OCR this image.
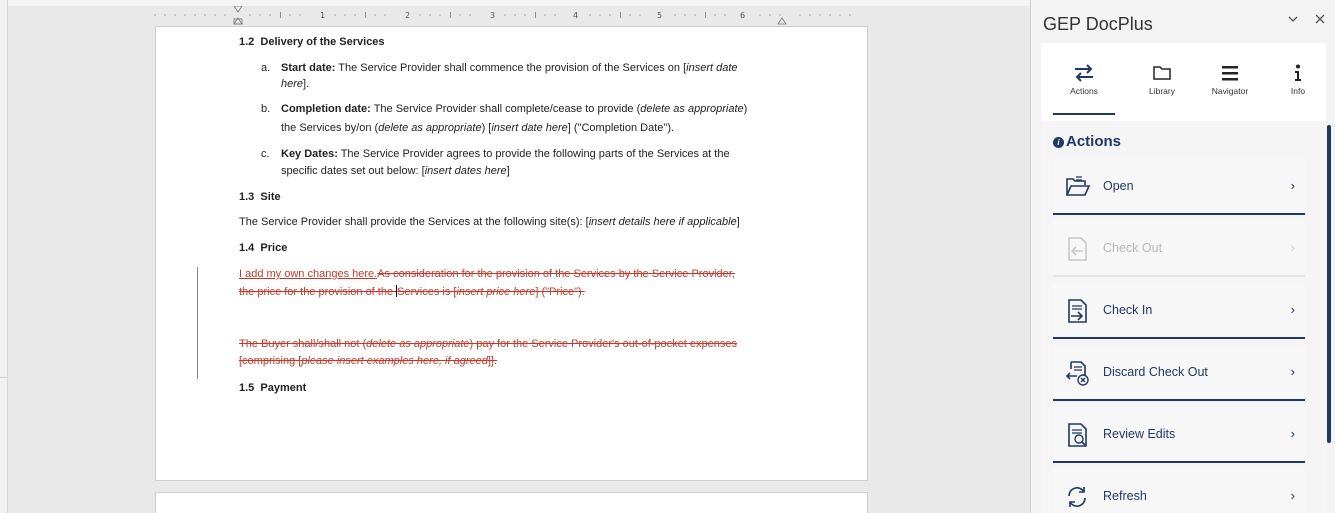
1	2	3	4	5	6
1.2 Delivery of the Services
a. Start date: The Service Provider shall commence the provision of the Services on [insert date
here].
b. Completion date: The Service Provider shall complete/cease to provide (delete as appropriate)
the Services by/on (delete as appropriate) [insert date here] ("Completion Date").
c. Key Dates: The Service Provider agrees to provide the following parts of the Services at the
specific dates set out below: [insert dates here]
1.3 Site
The Service Provider shall provide the Services at the following site(s): [insert details here if applicable]
1.4 Price
I add my own changes here.As consideration for the provision of the Services by the Service Provider,
the price for the provision of the Services is [insert price here] ("Price").
The Buyer shall/shall not (delete as appropriate) pay for the Service Provider's out-of-pocket expenses
[comprising [please insert examples here, if agreed]].
1.5 Payment
GEP DocPlus
Actions	Library	Navigator	Info
i Actions
Open	›
Check Out	›
Check In	›
Discard Check Out	›
Review Edits	›
Refresh	›
